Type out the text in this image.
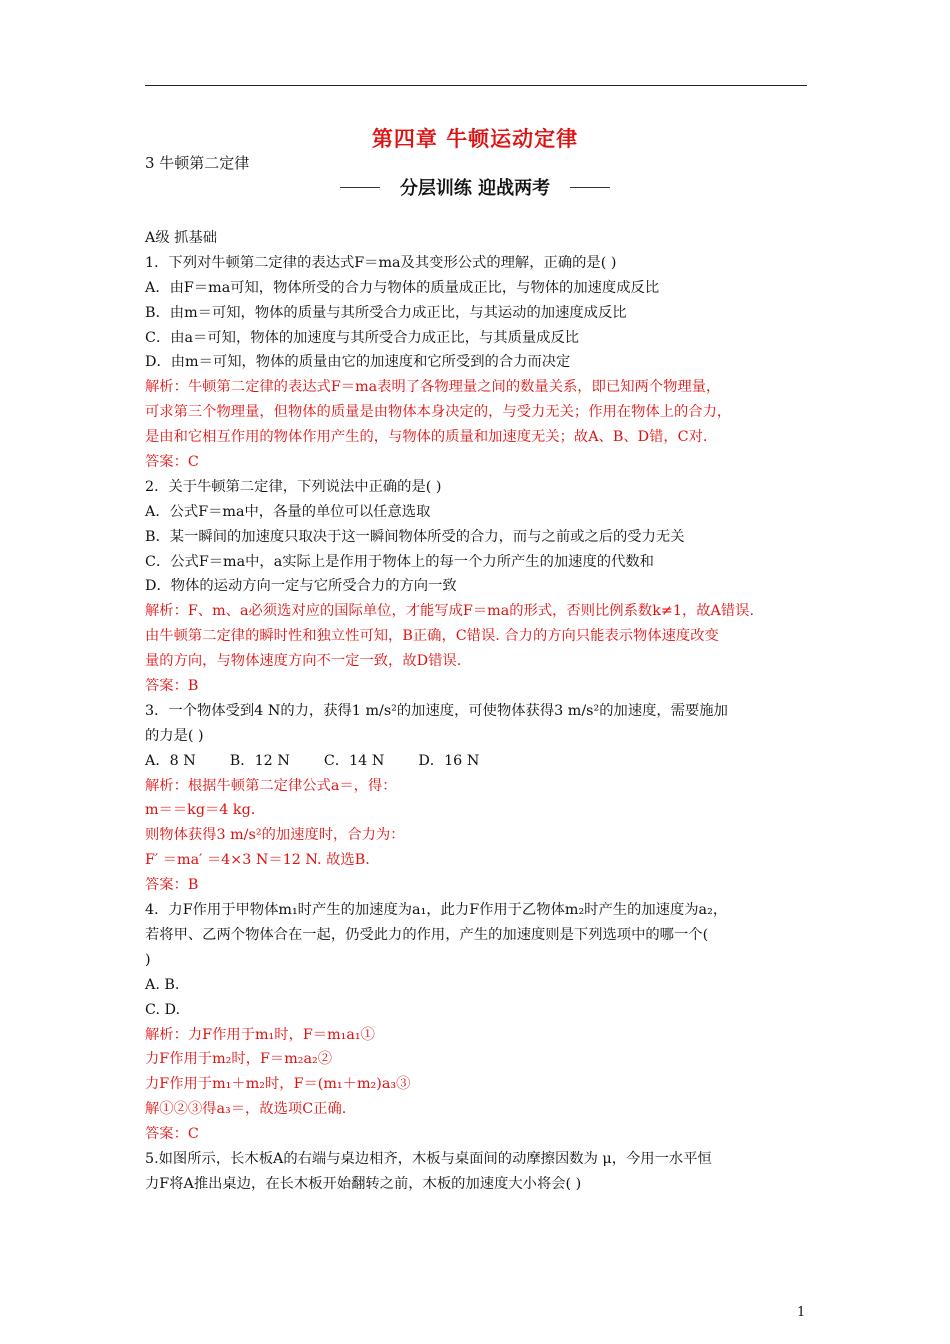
第四章 牛顿运动定律
3 牛顿第二定律
分层训练 迎战两考
A级 抓基础
1．下列对牛顿第二定律的表达式F＝ma及其变形公式的理解，正确的是( )
A．由F＝ma可知，物体所受的合力与物体的质量成正比，与物体的加速度成反比
B．由m＝可知，物体的质量与其所受合力成正比，与其运动的加速度成反比
C．由a＝可知，物体的加速度与其所受合力成正比，与其质量成反比
D．由m＝可知，物体的质量由它的加速度和它所受到的合力而决定
解析：牛顿第二定律的表达式F＝ma表明了各物理量之间的数量关系，即已知两个物理量，
可求第三个物理量，但物体的质量是由物体本身决定的，与受力无关；作用在物体上的合力，
是由和它相互作用的物体作用产生的，与物体的质量和加速度无关；故A、B、D错，C对.
答案：C
2．关于牛顿第二定律，下列说法中正确的是( )
A．公式F＝ma中，各量的单位可以任意选取
B．某一瞬间的加速度只取决于这一瞬间物体所受的合力，而与之前或之后的受力无关
C．公式F＝ma中，a实际上是作用于物体上的每一个力所产生的加速度的代数和
D．物体的运动方向一定与它所受合力的方向一致
解析：F、m、a必须选对应的国际单位，才能写成F＝ma的形式，否则比例系数k≠1，故A错误.
由牛顿第二定律的瞬时性和独立性可知，B正确，C错误. 合力的方向只能表示物体速度改变
量的方向，与物体速度方向不一定一致，故D错误.
答案：B
3．一个物体受到4 N的力，获得1 m/s²的加速度，可使物体获得3 m/s²的加速度，需要施加
的力是( )
A．8 N B．12 N C．14 N D．16 N
解析：根据牛顿第二定律公式a＝，得：
m＝＝kg＝4 kg.
则物体获得3 m/s²的加速度时，合力为：
F′ ＝ma′ ＝4×3 N＝12 N. 故选B.
答案：B
4．力F作用于甲物体m₁时产生的加速度为a₁，此力F作用于乙物体m₂时产生的加速度为a₂，
若将甲、乙两个物体合在一起，仍受此力的作用，产生的加速度则是下列选项中的哪一个(
)
A. B.
C. D.
解析：力F作用于m₁时，F＝m₁a₁①
力F作用于m₂时，F＝m₂a₂②
力F作用于m₁＋m₂时，F＝(m₁＋m₂)a₃③
解①②③得a₃＝，故选项C正确.
答案：C
5.如图所示，长木板A的右端与桌边相齐，木板与桌面间的动摩擦因数为 μ，今用一水平恒
力F将A推出桌边，在长木板开始翻转之前，木板的加速度大小将会( )
1
